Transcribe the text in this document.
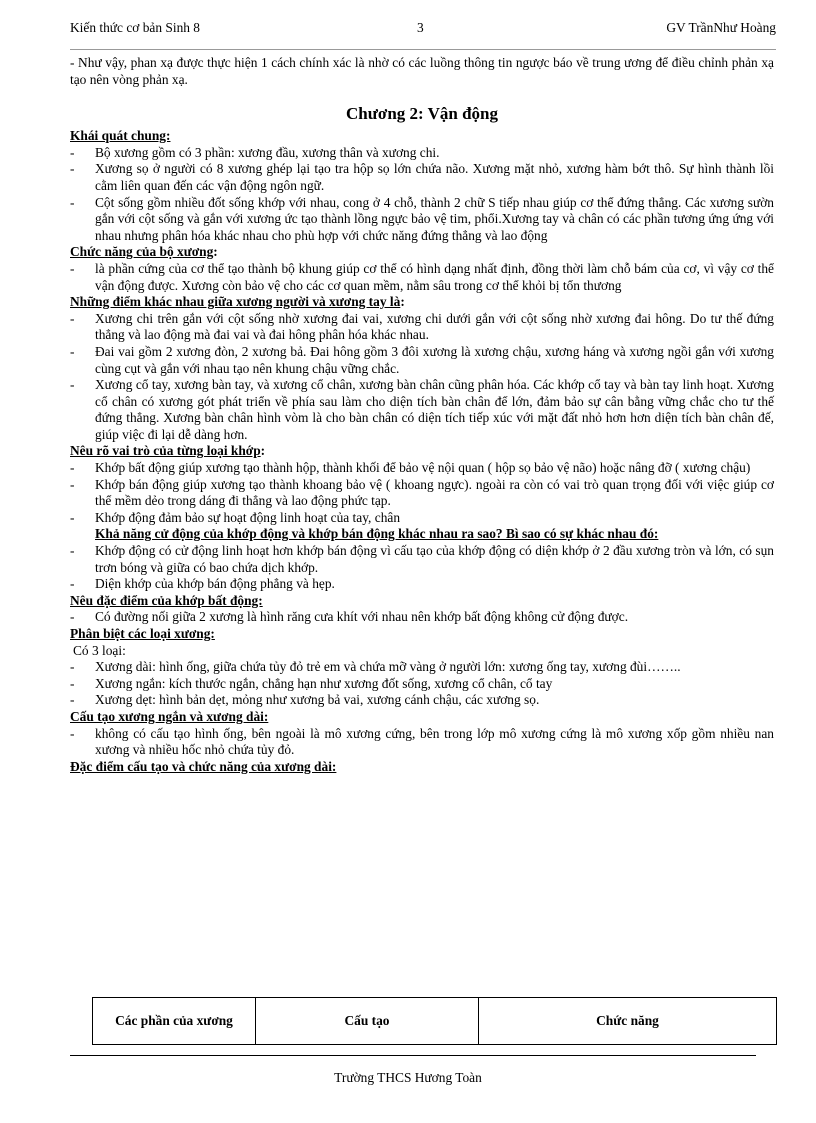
Kiến thức cơ bản Sinh 8	3	GV TrầnNhư Hoàng

- Như vậy, phan xạ được thực hiện 1 cách chính xác là nhờ có các luồng thông tin ngược báo về trung ương để điều chỉnh phản xạ tạo nên vòng phản xạ.

Chương 2: Vận động

Khái quát chung:

- Bộ xương gồm có 3 phần: xương đầu, xương thân và xương chi.
- Xương sọ ở người có 8 xương ghép lại tạo tra hộp sọ lớn chứa não. Xương mặt nhỏ, xương hàm bớt thô. Sự hình thành lồi cằm liên quan đến các vận động ngôn ngữ.
- Cột sống gồm nhiều đốt sống khớp với nhau, cong ở 4 chỗ, thành 2 chữ S tiếp nhau giúp cơ thể đứng thẳng. Các xương sườn gắn với cột sống và gắn với xương ức tạo thành lồng ngực bảo vệ tim, phổi.Xương tay và chân có các phần tương ứng ứng với nhau nhưng phân hóa khác nhau cho phù hợp với chức năng đứng thẳng và lao động

Chức năng của bộ xương:

- là phần cứng của cơ thể tạo thành bộ khung giúp cơ thể có hình dạng nhất định, đồng thời làm chỗ bám của cơ, vì vậy cơ thể vận động được. Xương còn bảo vệ cho các cơ quan mềm, nằm sâu trong cơ thể khỏi bị tổn thương

Những điểm khác nhau giữa xương người và xương tay là:

- Xương chi trên gắn với cột sống nhờ xương đai vai, xương chi dưới gắn với cột sống nhờ xương đai hông. Do tư thế đứng thẳng và lao động mà đai vai và đai hông phân hóa khác nhau.
- Đai vai gồm 2 xương đòn, 2 xương bả. Đai hông gồm 3 đôi xương là xương chậu, xương háng và xương ngồi gắn với xương cùng cụt và gắn với nhau tạo nên khung chậu vững chắc.
- Xương cổ tay, xương bàn tay, và xương cổ chân, xương bàn chân cũng phân hóa. Các khớp cổ tay và bàn tay linh hoạt. Xương cổ chân có xương gót phát triển về phía sau làm cho diện tích bàn chân để lớn, đảm bảo sự cân bằng vững chắc cho tư thế đứng thẳng. Xương bàn chân hình vòm là cho bàn chân có diện tích tiếp xúc với mặt đất nhỏ hơn hơn diện tích bàn chân đế, giúp việc đi lại dễ dàng hơn.

Nêu rõ vai trò của từng loại khớp:

- Khớp bất động giúp xương tạo thành hộp, thành khối để bảo vệ nội quan ( hộp sọ bảo vệ não) hoặc nâng đỡ ( xương chậu)
- Khớp bán động giúp xương tạo thành khoang bảo vệ ( khoang ngực). ngoài ra còn có vai trò quan trọng đối với việc giúp cơ thể mềm dẻo trong dáng đi thẳng và lao động phức tạp.
- Khớp động đảm bảo sự hoạt động linh hoạt của tay, chân

Khả năng cử động của khớp động và khớp bán động khác nhau ra sao? Bì sao có sự khác nhau đó:

- Khớp động có cử động linh hoạt hơn khớp bán động vì cấu tạo của khớp động có diện khớp ở 2 đầu xương tròn và lớn, có sụn trơn bóng và giữa có bao chứa dịch khớp.
- Diện khớp của khớp bán động phẳng và hẹp.

Nêu đặc điểm của khớp bất động:

- Có đường nối giữa 2 xương là hình răng cưa khít với nhau nên khớp bất động không cử động được.

Phân biệt các loại xương:

Có 3 loại:

- Xương dài: hình ống, giữa chứa tủy đỏ trẻ em và chứa mỡ vàng ở người lớn: xương ống tay, xương đùi……..
- Xương ngắn: kích thước ngắn, chẳng hạn như xương đốt sống, xương cổ chân, cổ tay
- Xương dẹt: hình bản dẹt, mỏng như xương bả vai, xương cánh chậu, các xương sọ.

Cấu tạo xương ngắn và xương dài:

- không có cấu tạo hình ống, bên ngoài là mô xương cứng, bên trong lớp mô xương cứng là mô xương xốp gồm nhiều nan xương và nhiều hốc nhỏ chứa tủy đỏ.

Đặc điểm cấu tạo và chức năng của xương dài:

Các phần của xương	Cấu tạo	Chức năng
Trường THCS Hương Toàn
